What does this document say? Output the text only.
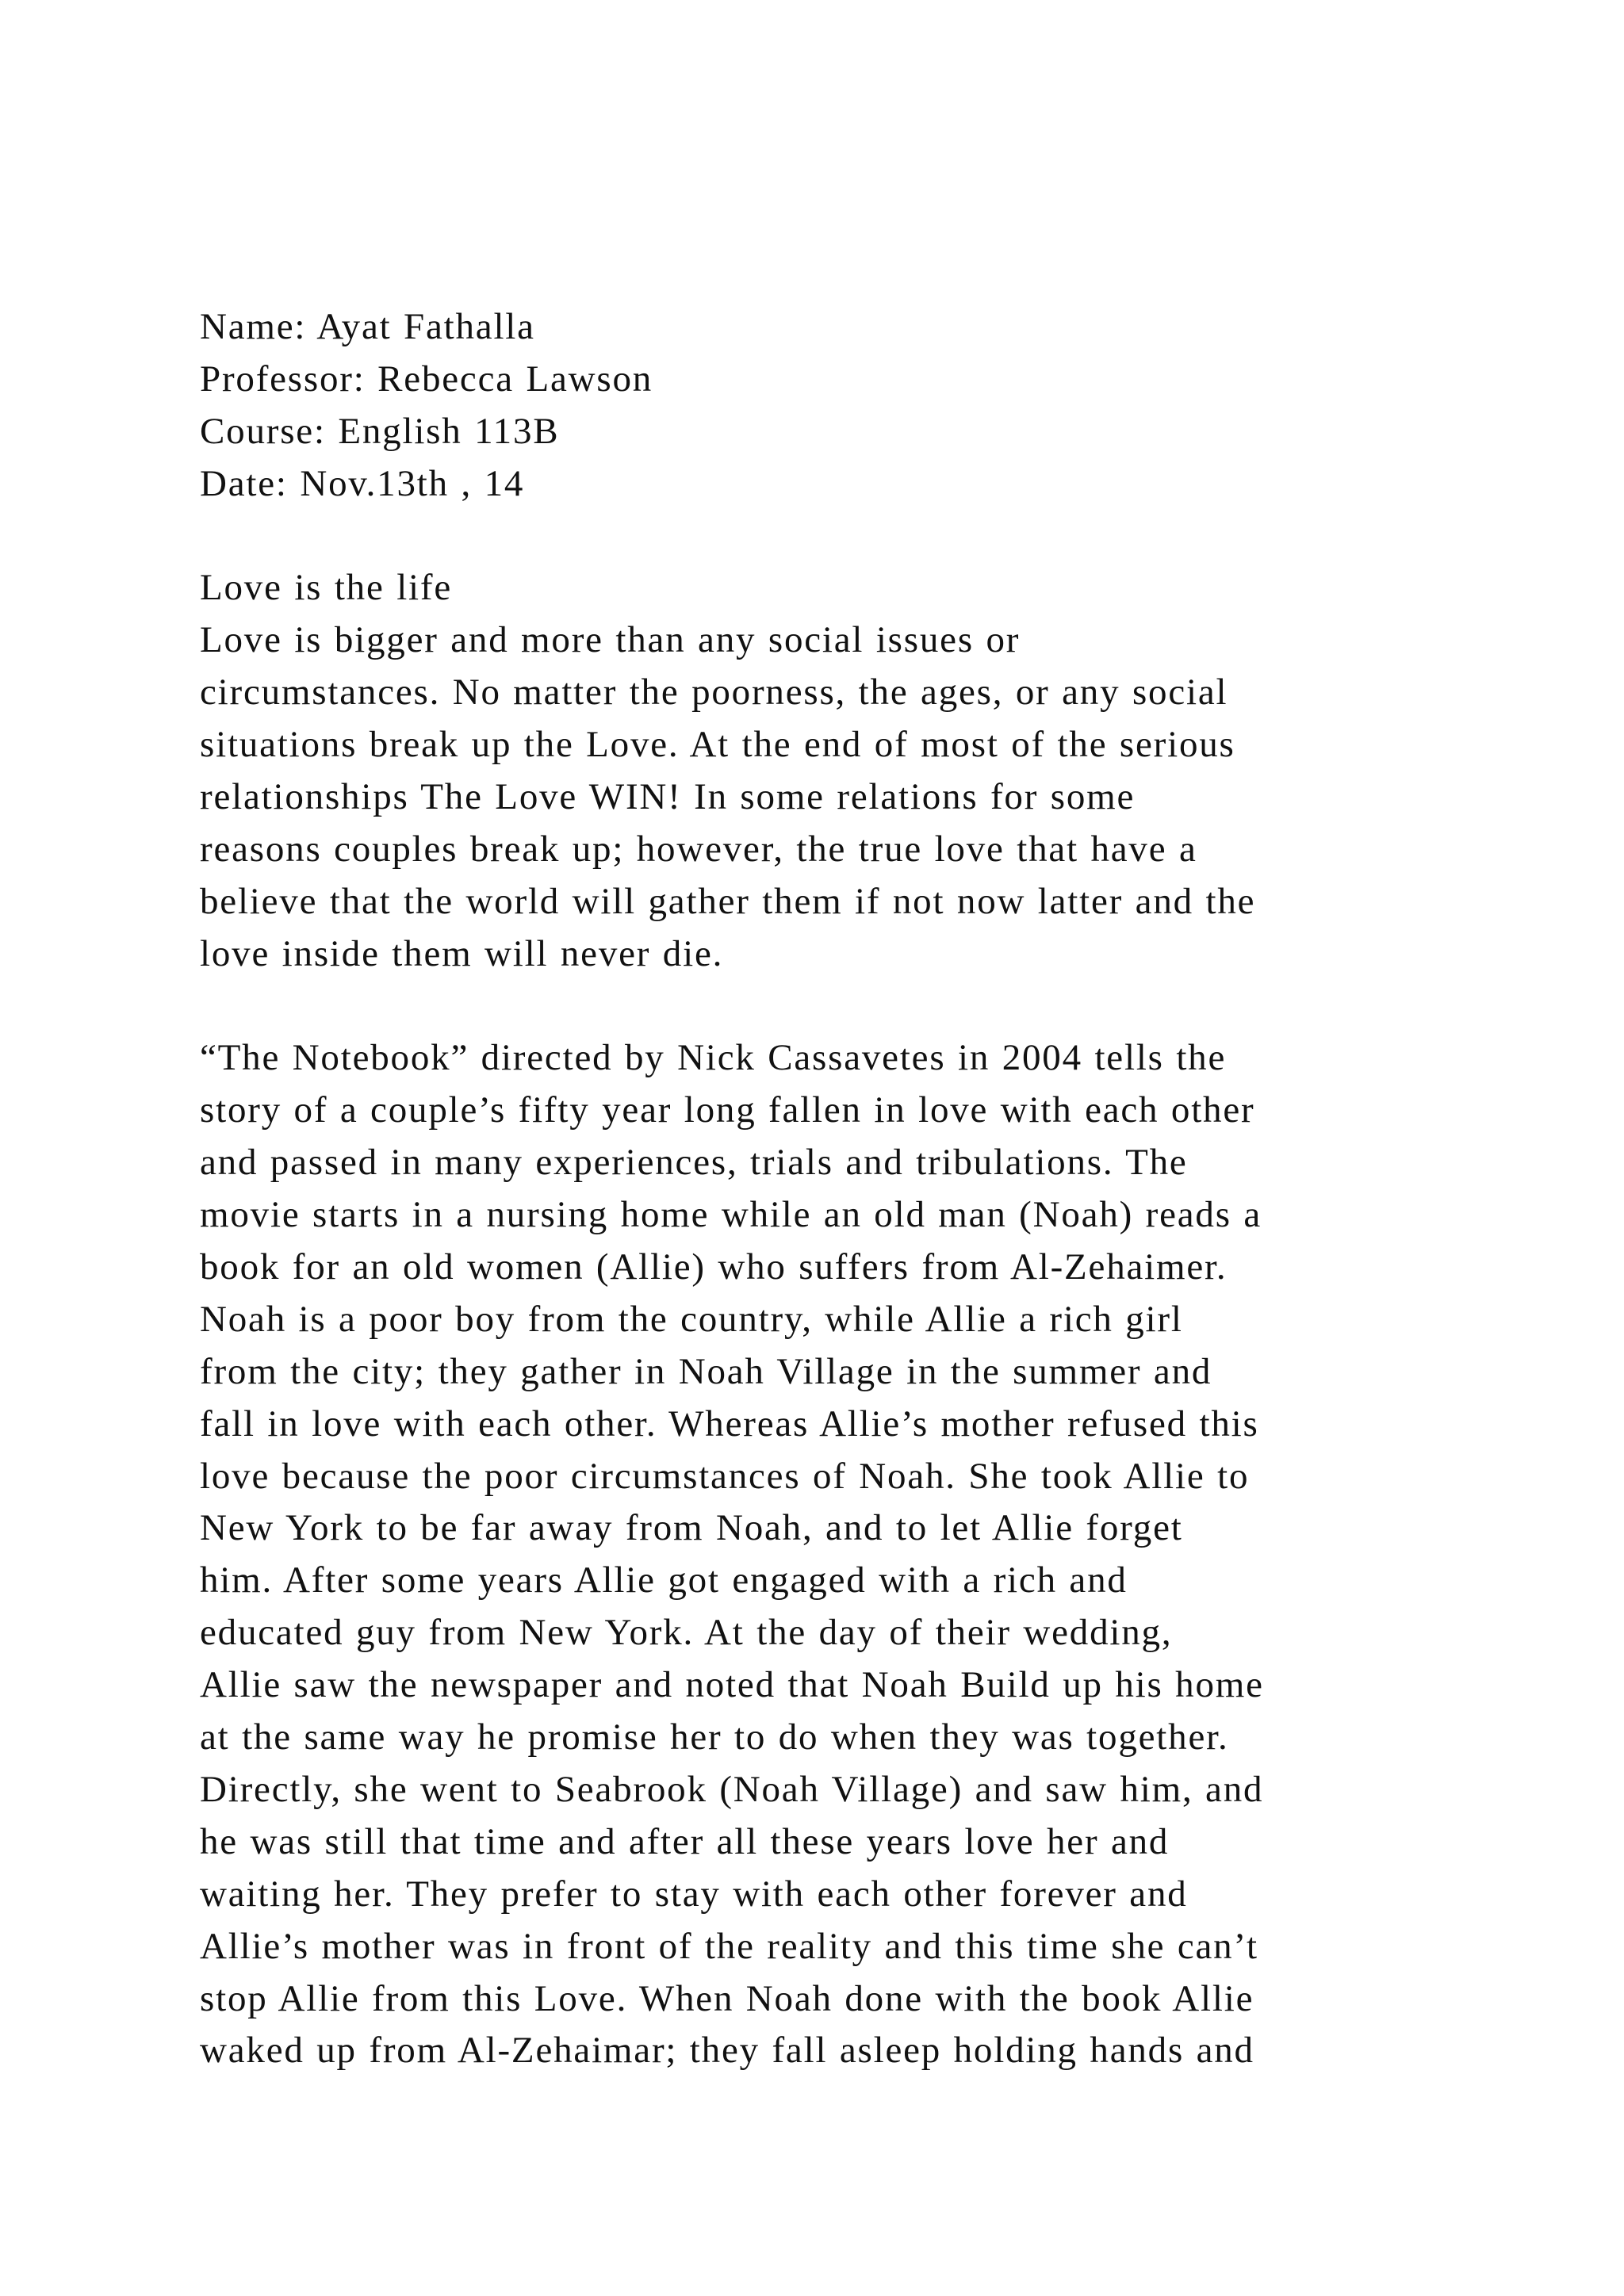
Name: Ayat Fathalla
Professor: Rebecca Lawson
Course: English 113B
Date: Nov.13th , 14
Love is the life
Love is bigger and more than any social issues or
circumstances. No matter the poorness, the ages, or any social
situations break up the Love. At the end of most of the serious
relationships The Love WIN! In some relations for some
reasons couples break up; however, the true love that have a
believe that the world will gather them if not now latter and the
love inside them will never die.
“The Notebook” directed by Nick Cassavetes in 2004 tells the
story of a couple’s fifty year long fallen in love with each other
and passed in many experiences, trials and tribulations. The
movie starts in a nursing home while an old man (Noah) reads a
book for an old women (Allie) who suffers from Al-Zehaimer.
Noah is a poor boy from the country, while Allie a rich girl
from the city; they gather in Noah Village in the summer and
fall in love with each other. Whereas Allie’s mother refused this
love because the poor circumstances of Noah. She took Allie to
New York to be far away from Noah, and to let Allie forget
him. After some years Allie got engaged with a rich and
educated guy from New York. At the day of their wedding,
Allie saw the newspaper and noted that Noah Build up his home
at the same way he promise her to do when they was together.
Directly, she went to Seabrook (Noah Village) and saw him, and
he was still that time and after all these years love her and
waiting her. They prefer to stay with each other forever and
Allie’s mother was in front of the reality and this time she can’t
stop Allie from this Love. When Noah done with the book Allie
waked up from Al-Zehaimar; they fall asleep holding hands and
